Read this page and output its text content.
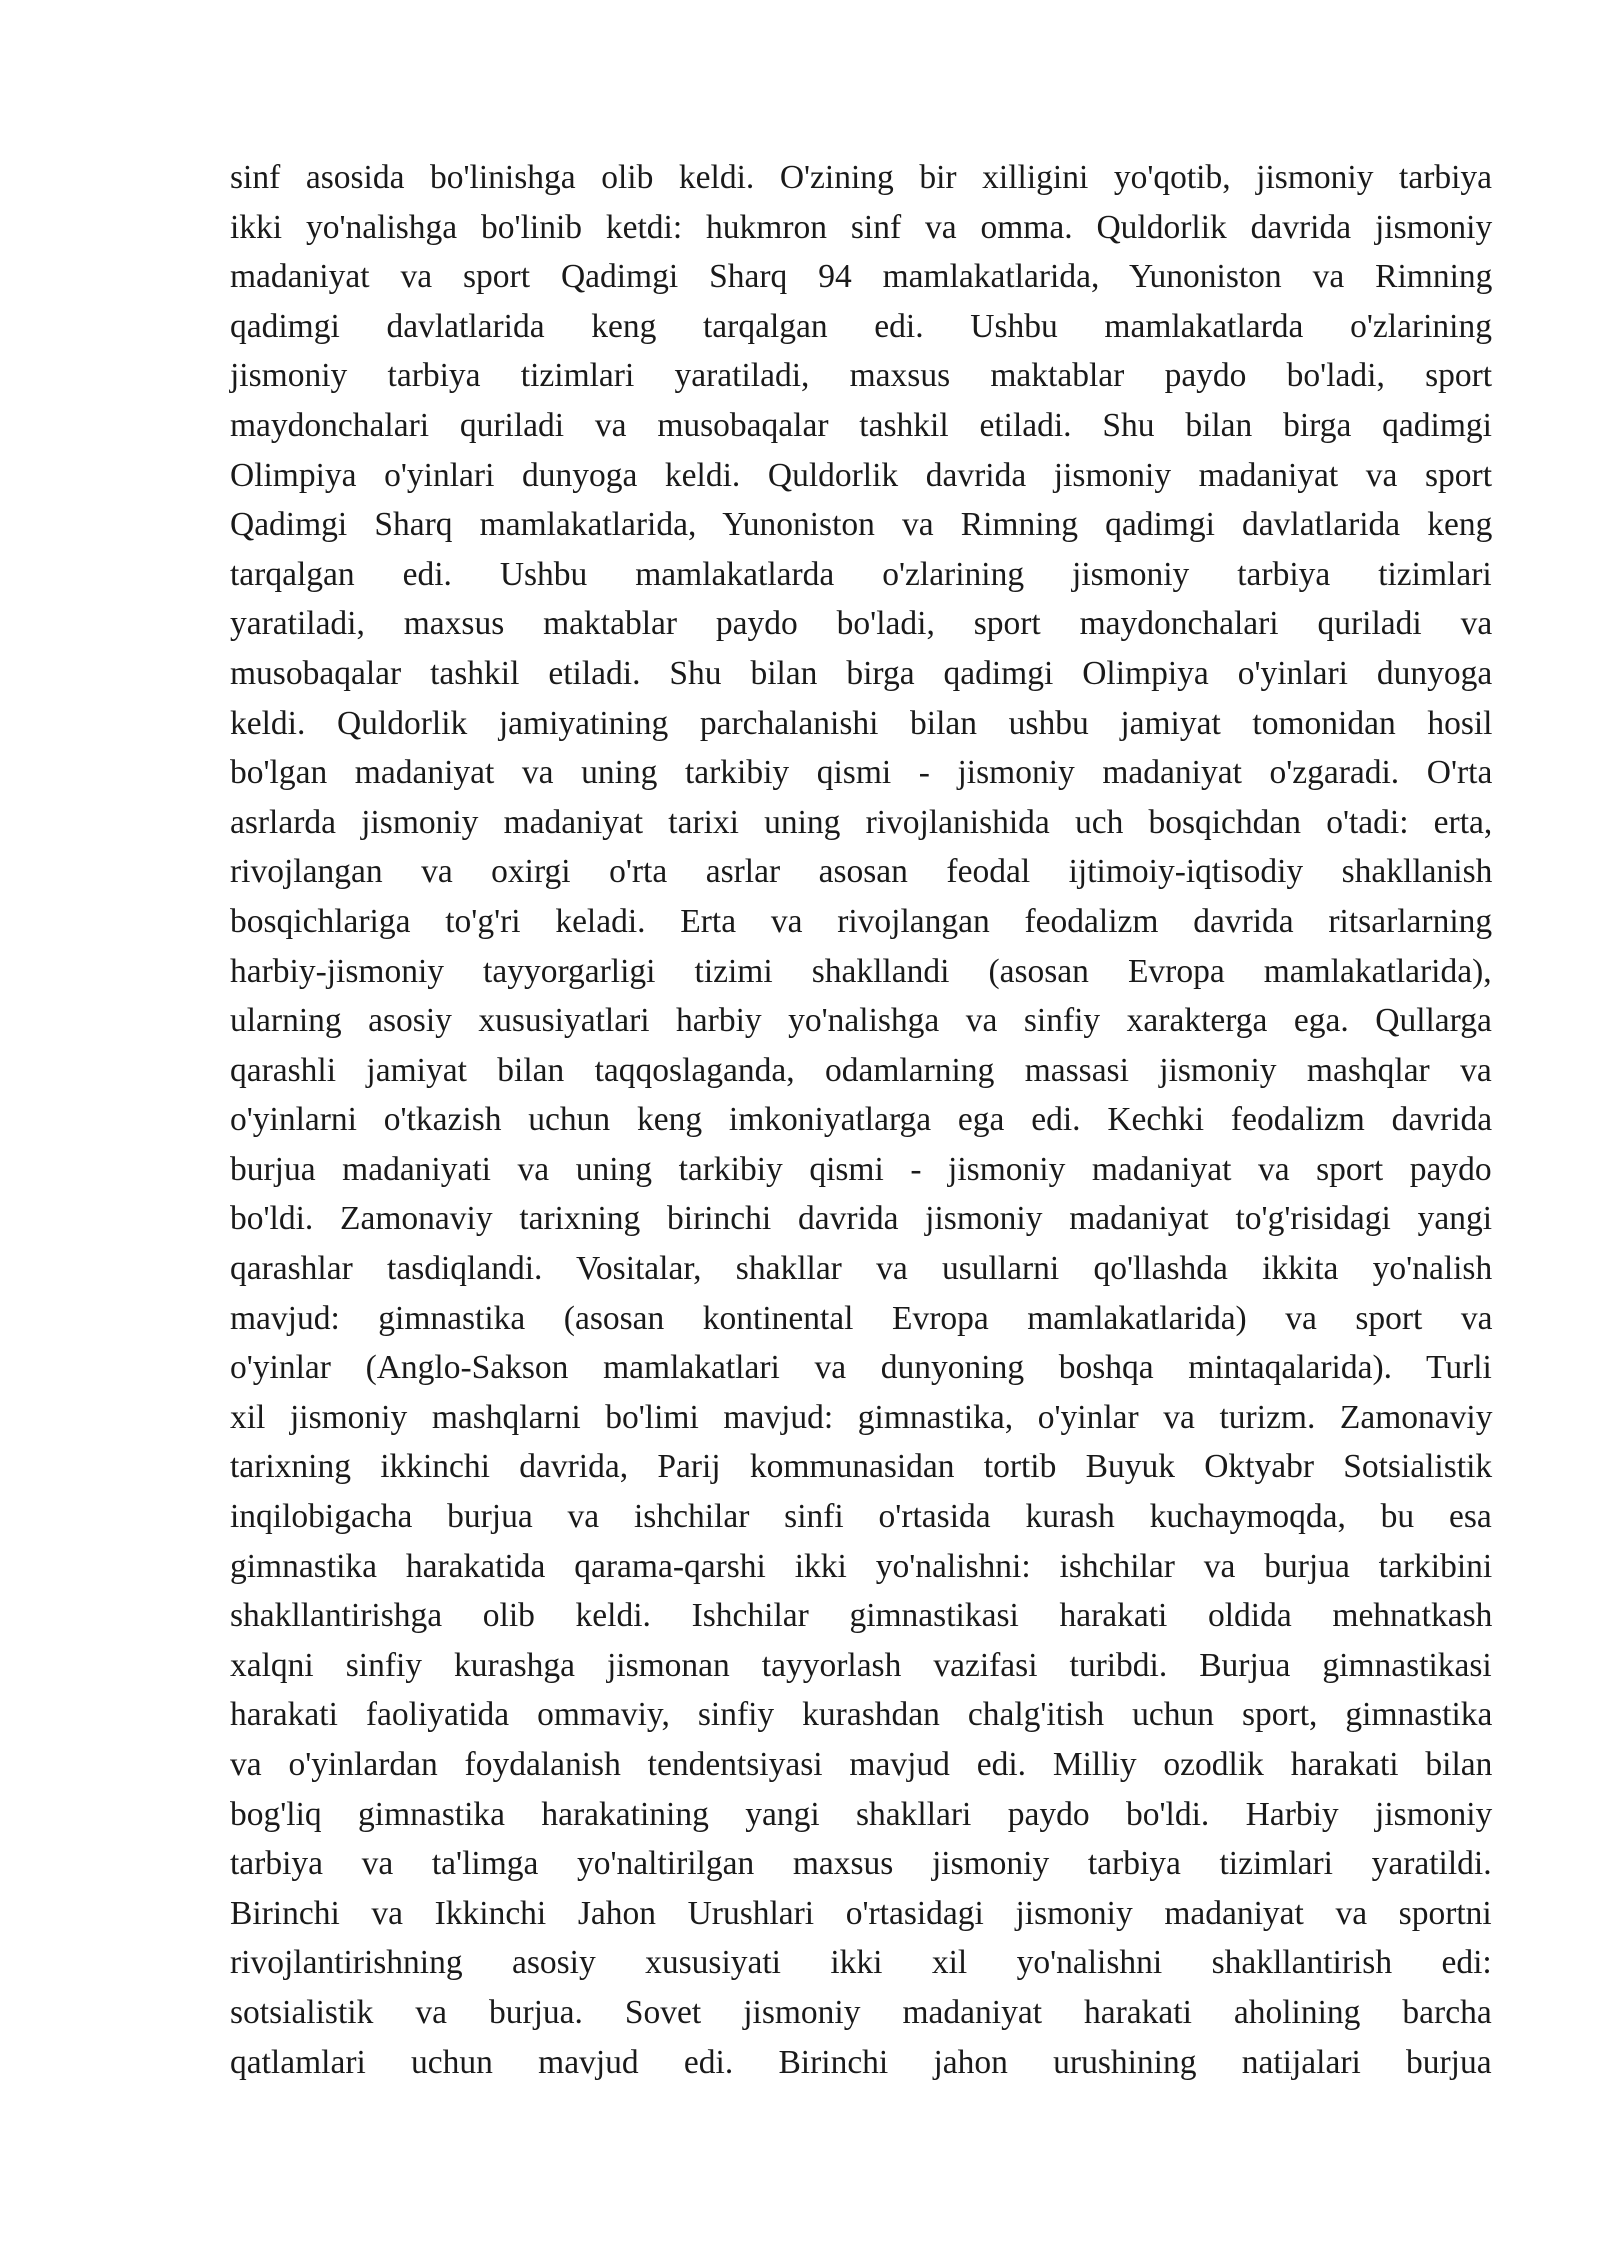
sinf asosida bo'linishga olib keldi. O'zining bir xilligini yo'qotib, jismoniy tarbiya
ikki yo'nalishga bo'linib ketdi: hukmron sinf va omma. Quldorlik davrida jismoniy
madaniyat va sport Qadimgi Sharq 94 mamlakatlarida, Yunoniston va Rimning
qadimgi davlatlarida keng tarqalgan edi. Ushbu mamlakatlarda o'zlarining
jismoniy tarbiya tizimlari yaratiladi, maxsus maktablar paydo bo'ladi, sport
maydonchalari quriladi va musobaqalar tashkil etiladi. Shu bilan birga qadimgi
Olimpiya o'yinlari dunyoga keldi. Quldorlik davrida jismoniy madaniyat va sport
Qadimgi Sharq mamlakatlarida, Yunoniston va Rimning qadimgi davlatlarida keng
tarqalgan edi. Ushbu mamlakatlarda o'zlarining jismoniy tarbiya tizimlari
yaratiladi, maxsus maktablar paydo bo'ladi, sport maydonchalari quriladi va
musobaqalar tashkil etiladi. Shu bilan birga qadimgi Olimpiya o'yinlari dunyoga
keldi. Quldorlik jamiyatining parchalanishi bilan ushbu jamiyat tomonidan hosil
bo'lgan madaniyat va uning tarkibiy qismi - jismoniy madaniyat o'zgaradi. O'rta
asrlarda jismoniy madaniyat tarixi uning rivojlanishida uch bosqichdan o'tadi: erta,
rivojlangan va oxirgi o'rta asrlar asosan feodal ijtimoiy-iqtisodiy shakllanish
bosqichlariga to'g'ri keladi. Erta va rivojlangan feodalizm davrida ritsarlarning
harbiy-jismoniy tayyorgarligi tizimi shakllandi (asosan Evropa mamlakatlarida),
ularning asosiy xususiyatlari harbiy yo'nalishga va sinfiy xarakterga ega. Qullarga
qarashli jamiyat bilan taqqoslaganda, odamlarning massasi jismoniy mashqlar va
o'yinlarni o'tkazish uchun keng imkoniyatlarga ega edi. Kechki feodalizm davrida
burjua madaniyati va uning tarkibiy qismi - jismoniy madaniyat va sport paydo
bo'ldi. Zamonaviy tarixning birinchi davrida jismoniy madaniyat to'g'risidagi yangi
qarashlar tasdiqlandi. Vositalar, shakllar va usullarni qo'llashda ikkita yo'nalish
mavjud: gimnastika (asosan kontinental Evropa mamlakatlarida) va sport va
o'yinlar (Anglo-Sakson mamlakatlari va dunyoning boshqa mintaqalarida). Turli
xil jismoniy mashqlarni bo'limi mavjud: gimnastika, o'yinlar va turizm. Zamonaviy
tarixning ikkinchi davrida, Parij kommunasidan tortib Buyuk Oktyabr Sotsialistik
inqilobigacha burjua va ishchilar sinfi o'rtasida kurash kuchaymoqda, bu esa
gimnastika harakatida qarama-qarshi ikki yo'nalishni: ishchilar va burjua tarkibini
shakllantirishga olib keldi. Ishchilar gimnastikasi harakati oldida mehnatkash
xalqni sinfiy kurashga jismonan tayyorlash vazifasi turibdi. Burjua gimnastikasi
harakati faoliyatida ommaviy, sinfiy kurashdan chalg'itish uchun sport, gimnastika
va o'yinlardan foydalanish tendentsiyasi mavjud edi. Milliy ozodlik harakati bilan
bog'liq gimnastika harakatining yangi shakllari paydo bo'ldi. Harbiy jismoniy
tarbiya va ta'limga yo'naltirilgan maxsus jismoniy tarbiya tizimlari yaratildi.
Birinchi va Ikkinchi Jahon Urushlari o'rtasidagi jismoniy madaniyat va sportni
rivojlantirishning asosiy xususiyati ikki xil yo'nalishni shakllantirish edi:
sotsialistik va burjua. Sovet jismoniy madaniyat harakati aholining barcha
qatlamlari uchun mavjud edi. Birinchi jahon urushining natijalari burjua
